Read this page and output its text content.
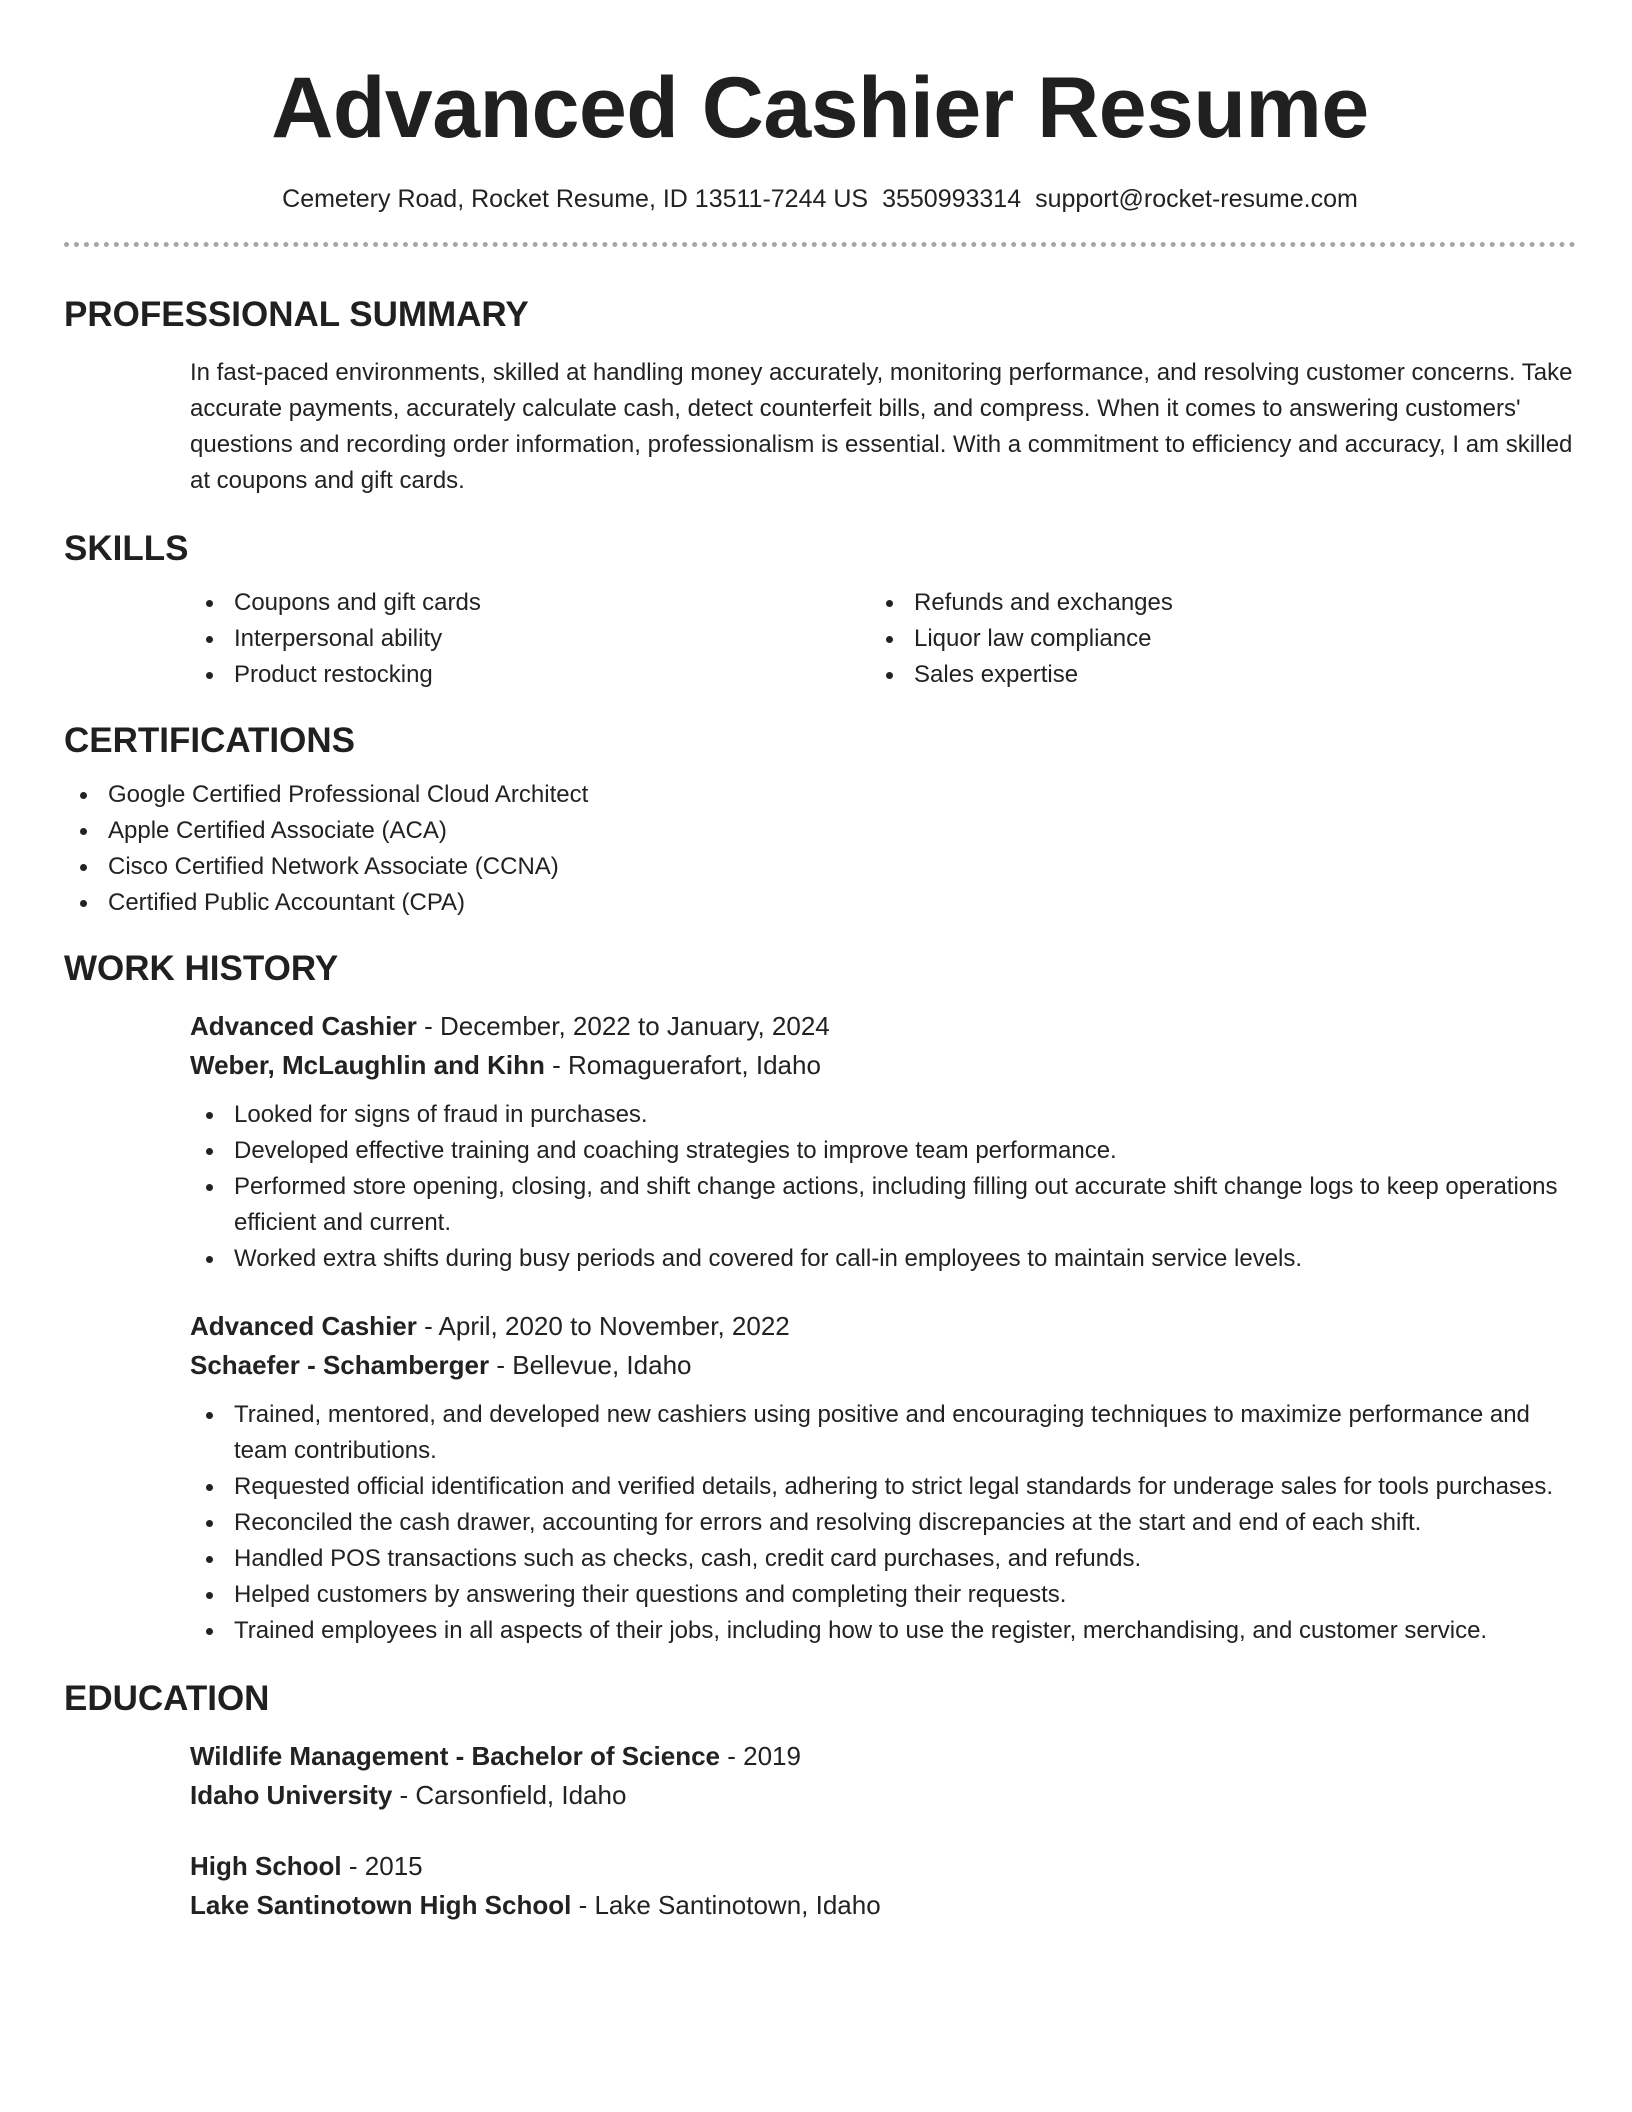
Advanced Cashier Resume
Cemetery Road, Rocket Resume, ID 13511-7244 US 3550993314 support@rocket-resume.com
PROFESSIONAL SUMMARY

In fast-paced environments, skilled at handling money accurately, monitoring performance, and resolving customer concerns. Take accurate payments, accurately calculate cash, detect counterfeit bills, and compress. When it comes to answering customers' questions and recording order information, professionalism is essential. With a commitment to efficiency and accuracy, I am skilled at coupons and gift cards.

SKILLS
Coupons and gift cards
Interpersonal ability
Product restocking
Refunds and exchanges
Liquor law compliance
Sales expertise
CERTIFICATIONS
Google Certified Professional Cloud Architect
Apple Certified Associate (ACA)
Cisco Certified Network Associate (CCNA)
Certified Public Accountant (CPA)
WORK HISTORY
Advanced Cashier - December, 2022 to January, 2024
Weber, McLaughlin and Kihn - Romaguerafort, Idaho
Looked for signs of fraud in purchases.
Developed effective training and coaching strategies to improve team performance.
Performed store opening, closing, and shift change actions, including filling out accurate shift change logs to keep operations efficient and current.
Worked extra shifts during busy periods and covered for call-in employees to maintain service levels.
Advanced Cashier - April, 2020 to November, 2022
Schaefer - Schamberger - Bellevue, Idaho
Trained, mentored, and developed new cashiers using positive and encouraging techniques to maximize performance and team contributions.
Requested official identification and verified details, adhering to strict legal standards for underage sales for tools purchases.
Reconciled the cash drawer, accounting for errors and resolving discrepancies at the start and end of each shift.
Handled POS transactions such as checks, cash, credit card purchases, and refunds.
Helped customers by answering their questions and completing their requests.
Trained employees in all aspects of their jobs, including how to use the register, merchandising, and customer service.
EDUCATION
Wildlife Management - Bachelor of Science - 2019
Idaho University - Carsonfield, Idaho
High School - 2015
Lake Santinotown High School - Lake Santinotown, Idaho
